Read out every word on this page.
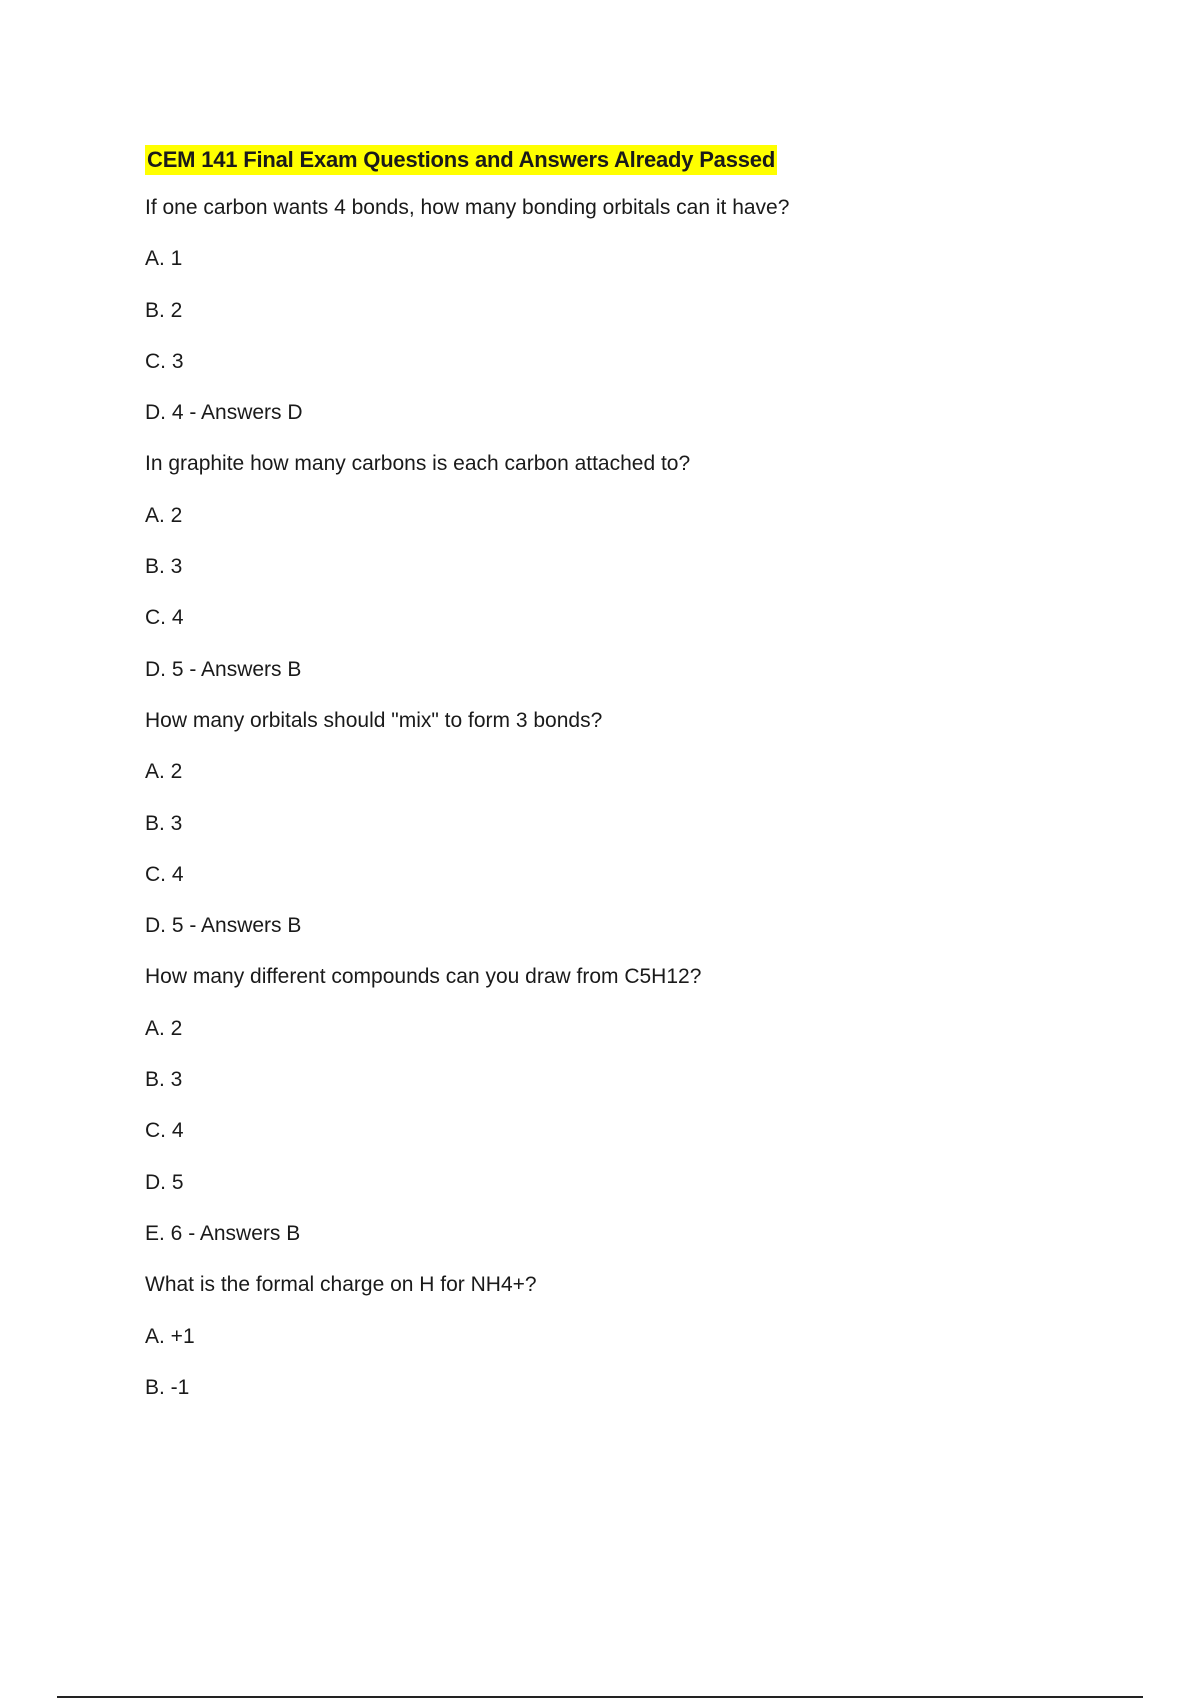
CEM 141 Final Exam Questions and Answers Already Passed
If one carbon wants 4 bonds, how many bonding orbitals can it have?
A. 1
B. 2
C. 3
D. 4 - Answers D
In graphite how many carbons is each carbon attached to?
A. 2
B. 3
C. 4
D. 5 - Answers B
How many orbitals should "mix" to form 3 bonds?
A. 2
B. 3
C. 4
D. 5 - Answers B
How many different compounds can you draw from C5H12?
A. 2
B. 3
C. 4
D. 5
E. 6 - Answers B
What is the formal charge on H for NH4+?
A. +1
B. -1
